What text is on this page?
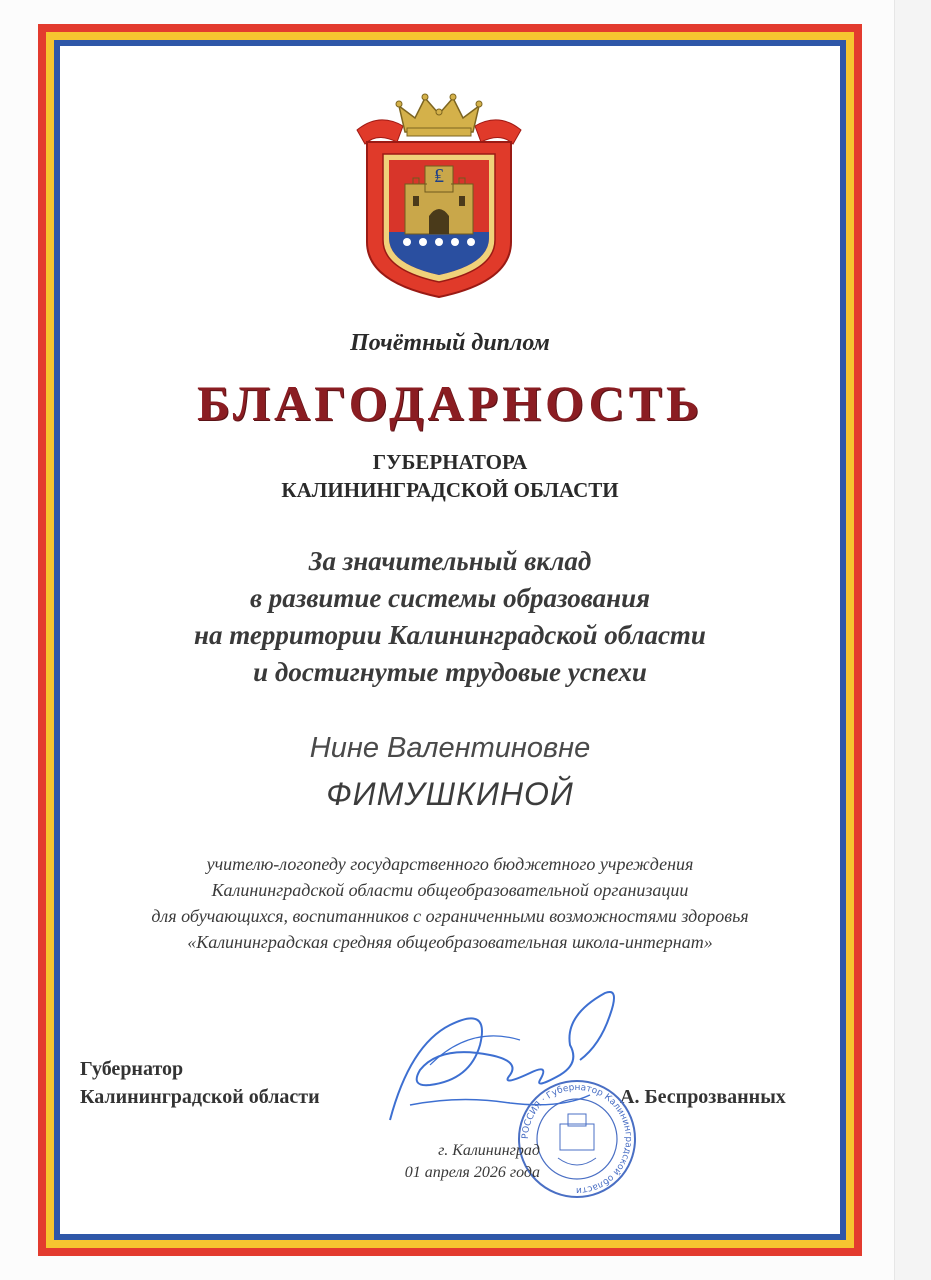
₤
Почётный диплом
БЛАГОДАРНОСТЬ
ГУБЕРНАТОРА
КАЛИНИНГРАДСКОЙ ОБЛАСТИ
За значительный вклад
в развитие системы образования
на территории Калининградской области
и достигнутые трудовые успехи
Нине Валентиновне
ФИМУШКИНОЙ
учителю-логопеду государственного бюджетного учреждения
Калининградской области общеобразовательной организации
для обучающихся, воспитанников с ограниченными возможностями здоровья
«Калининградская средняя общеобразовательная школа-интернат»
Губернатор
Калининградской области	А. Беспрозванных
РОССИЯ · Губернатор Калининградской области
г. Калининград
01 апреля 2026 года
